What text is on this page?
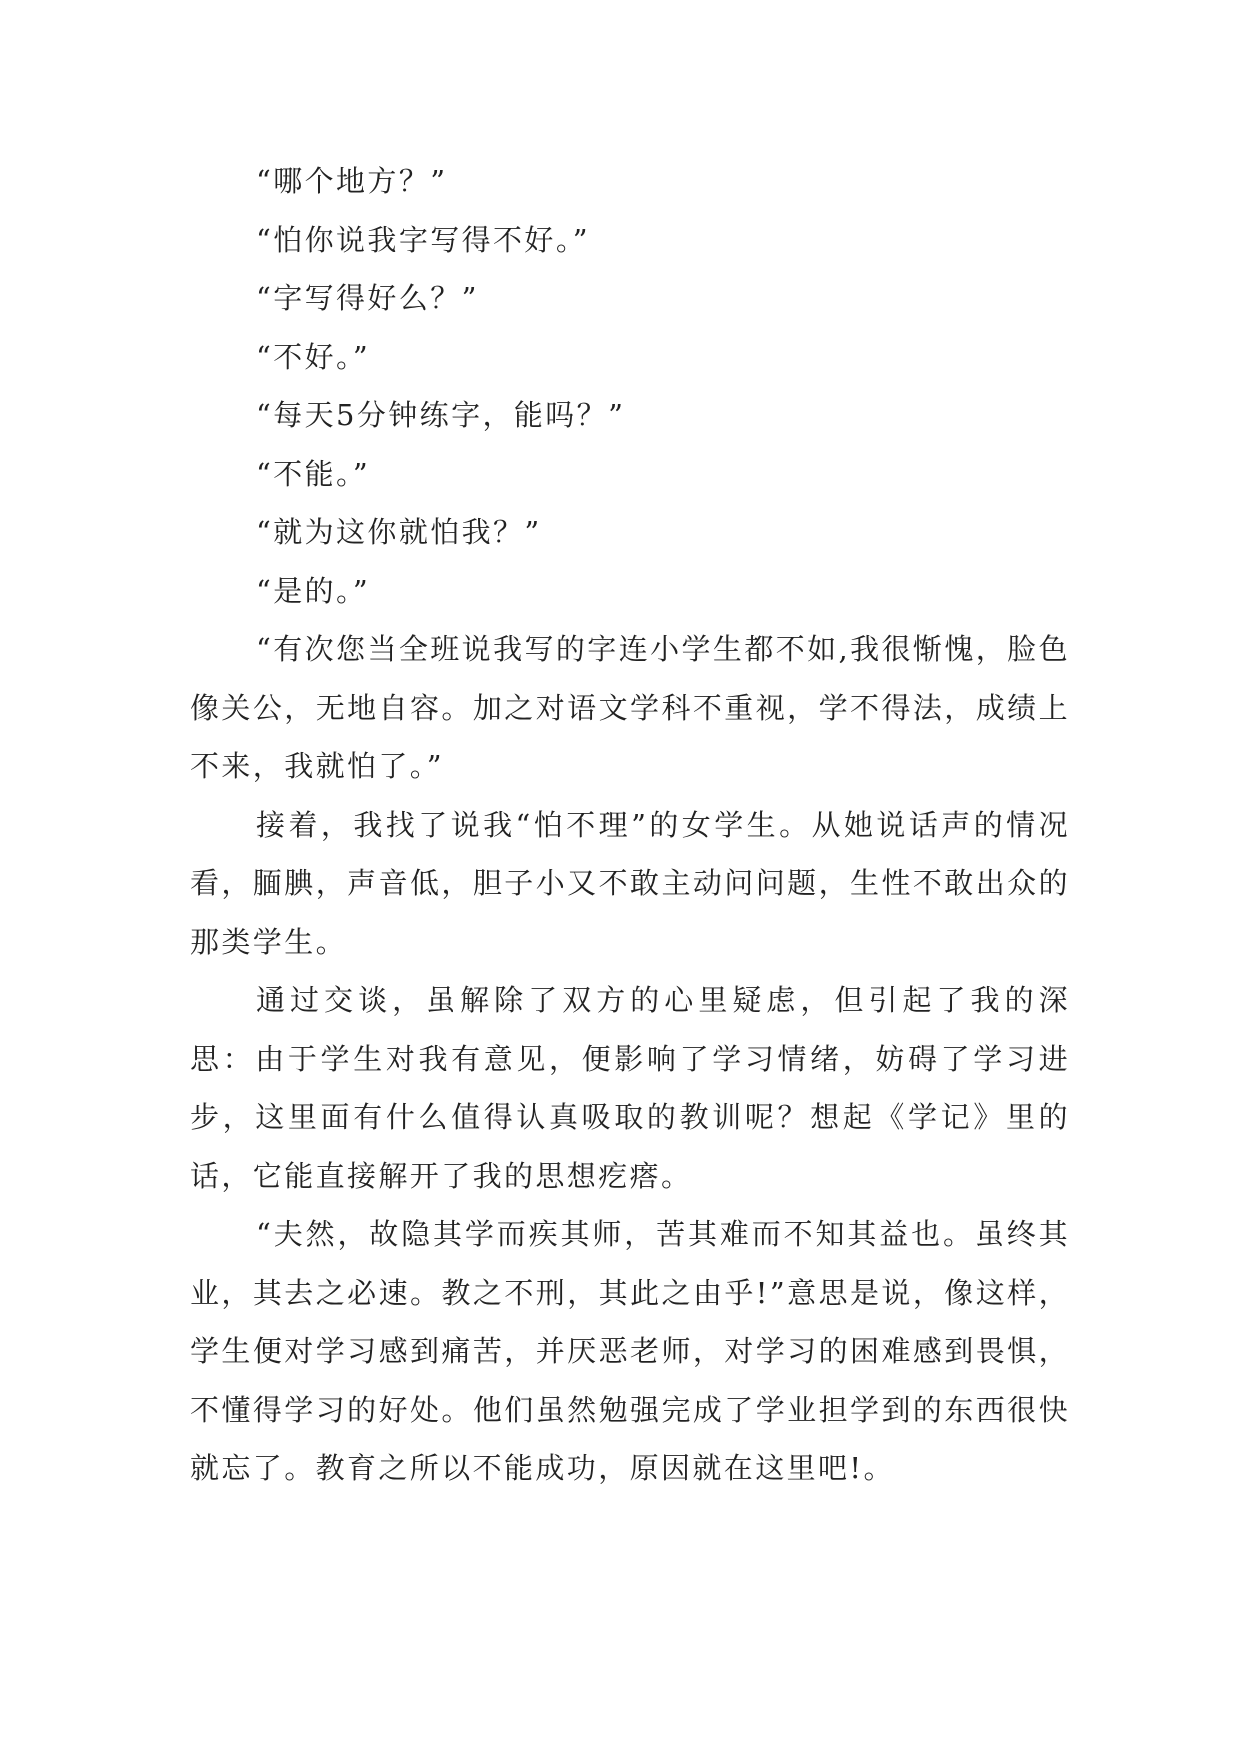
“哪个地方？”

“怕你说我字写得不好。”

“字写得好么？”

“不好。”

“每天5分钟练字，能吗？”

“不能。”

“就为这你就怕我？”

“是的。”

“有次您当全班说我写的字连小学生都不如,我很惭愧，脸色像关公，无地自容。加之对语文学科不重视，学不得法，成绩上不来，我就怕了。”

接着，我找了说我“怕不理”的女学生。从她说话声的情况看，腼腆，声音低，胆子小又不敢主动问问题，生性不敢出众的那类学生。

通过交谈，虽解除了双方的心里疑虑，但引起了我的深思：由于学生对我有意见，便影响了学习情绪，妨碍了学习进步，这里面有什么值得认真吸取的教训呢？想起《学记》里的话，它能直接解开了我的思想疙瘩。

“夫然，故隐其学而疾其师，苦其难而不知其益也。虽终其业，其去之必速。教之不刑，其此之由乎!”意思是说，像这样，学生便对学习感到痛苦，并厌恶老师，对学习的困难感到畏惧，不懂得学习的好处。他们虽然勉强完成了学业担学到的东西很快就忘了。教育之所以不能成功，原因就在这里吧!。
